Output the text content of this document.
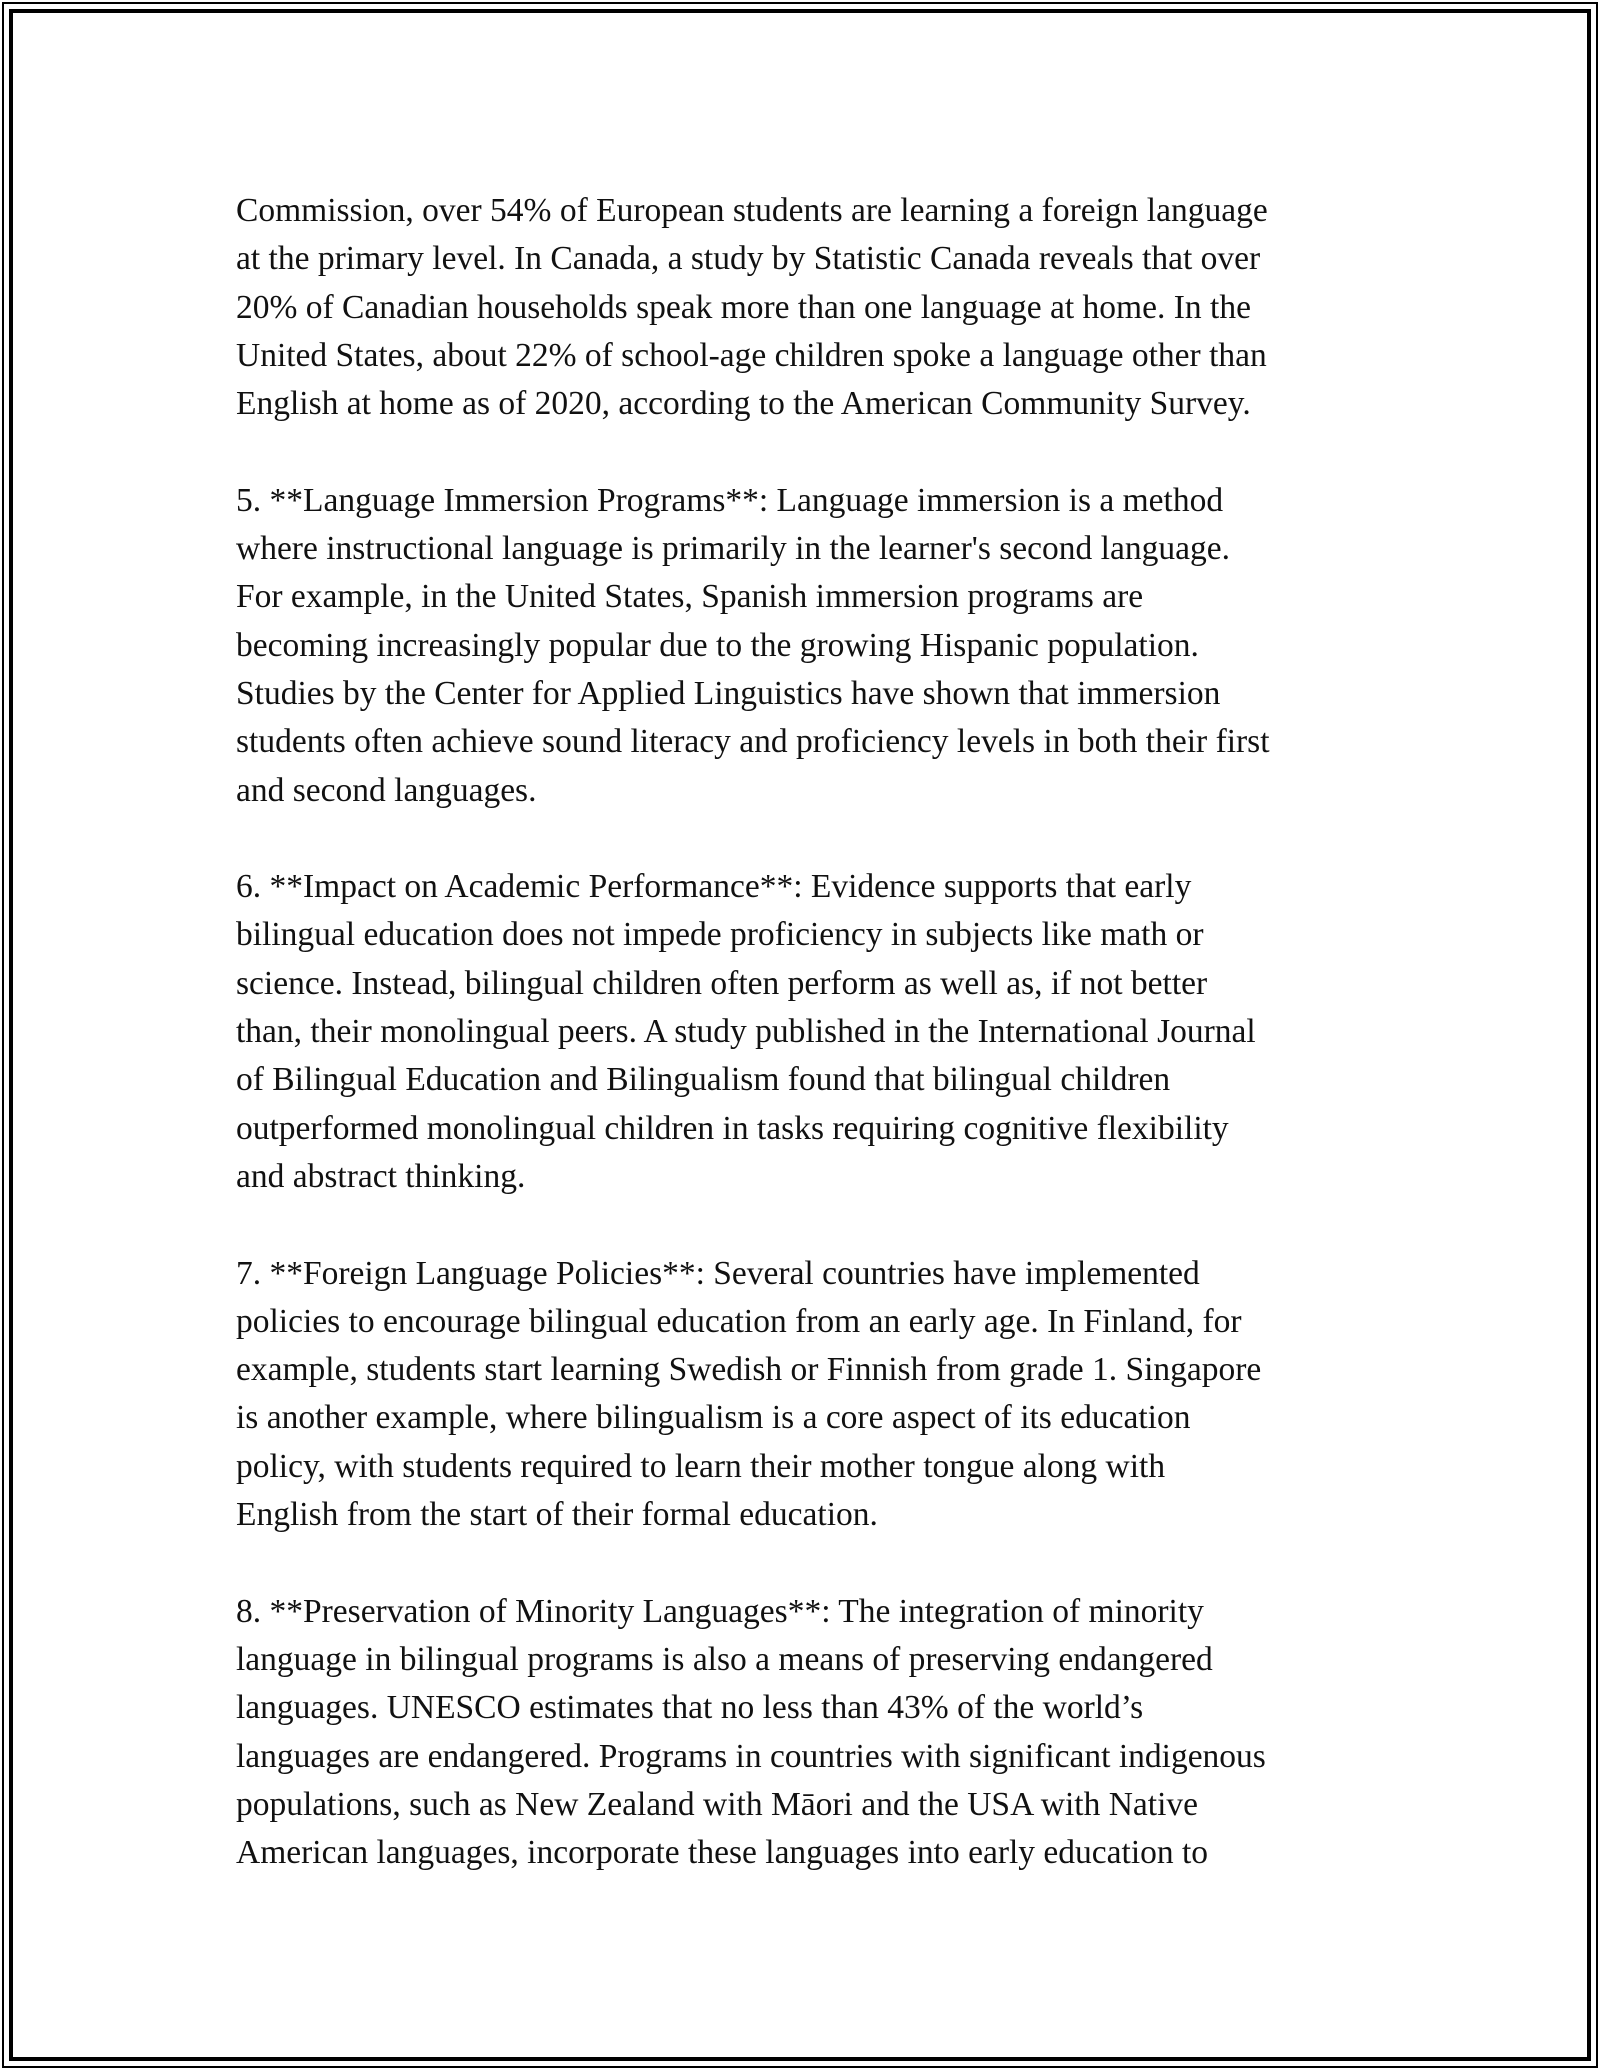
Commission, over 54% of European students are learning a foreign language
at the primary level. In Canada, a study by Statistic Canada reveals that over
20% of Canadian households speak more than one language at home. In the
United States, about 22% of school-age children spoke a language other than
English at home as of 2020, according to the American Community Survey.

5. **Language Immersion Programs**: Language immersion is a method
where instructional language is primarily in the learner's second language.
For example, in the United States, Spanish immersion programs are
becoming increasingly popular due to the growing Hispanic population.
Studies by the Center for Applied Linguistics have shown that immersion
students often achieve sound literacy and proficiency levels in both their first
and second languages.

6. **Impact on Academic Performance**: Evidence supports that early
bilingual education does not impede proficiency in subjects like math or
science. Instead, bilingual children often perform as well as, if not better
than, their monolingual peers. A study published in the International Journal
of Bilingual Education and Bilingualism found that bilingual children
outperformed monolingual children in tasks requiring cognitive flexibility
and abstract thinking.

7. **Foreign Language Policies**: Several countries have implemented
policies to encourage bilingual education from an early age. In Finland, for
example, students start learning Swedish or Finnish from grade 1. Singapore
is another example, where bilingualism is a core aspect of its education
policy, with students required to learn their mother tongue along with
English from the start of their formal education.

8. **Preservation of Minority Languages**: The integration of minority
language in bilingual programs is also a means of preserving endangered
languages. UNESCO estimates that no less than 43% of the world’s
languages are endangered. Programs in countries with significant indigenous
populations, such as New Zealand with Māori and the USA with Native
American languages, incorporate these languages into early education to
